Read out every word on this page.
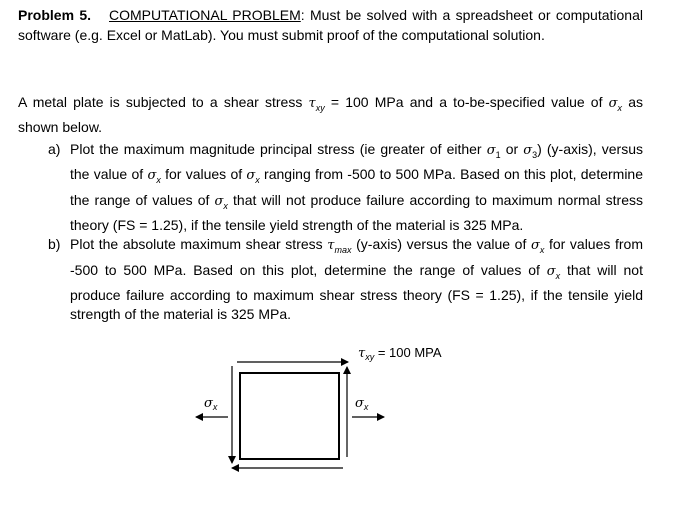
Problem 5. COMPUTATIONAL PROBLEM: Must be solved with a spreadsheet or computational software (e.g. Excel or MatLab). You must submit proof of the computational solution.

A metal plate is subjected to a shear stress $\tau_{xy} = 100$ MPa and a to-be-specified value of $\sigma_x$ as shown below.

a) Plot the maximum magnitude principal stress (ie greater of either $\sigma_1$ or $\sigma_3$) (y-axis), versus the value of $\sigma_x$ for values of $\sigma_x$ ranging from -500 to 500 MPa. Based on this plot, determine the range of values of $\sigma_x$ that will not produce failure according to maximum normal stress theory (FS = 1.25), if the tensile yield strength of the material is 325 MPa.
b) Plot the absolute maximum shear stress $\tau_{max}$ (y-axis) versus the value of $\sigma_x$ for values from -500 to 500 MPa. Based on this plot, determine the range of values of $\sigma_x$ that will not produce failure according to maximum shear stress theory (FS = 1.25), if the tensile yield strength of the material is 325 MPa.
$\tau_{xy} = 100$ MPA
$\sigma_x$	$\sigma_x$
